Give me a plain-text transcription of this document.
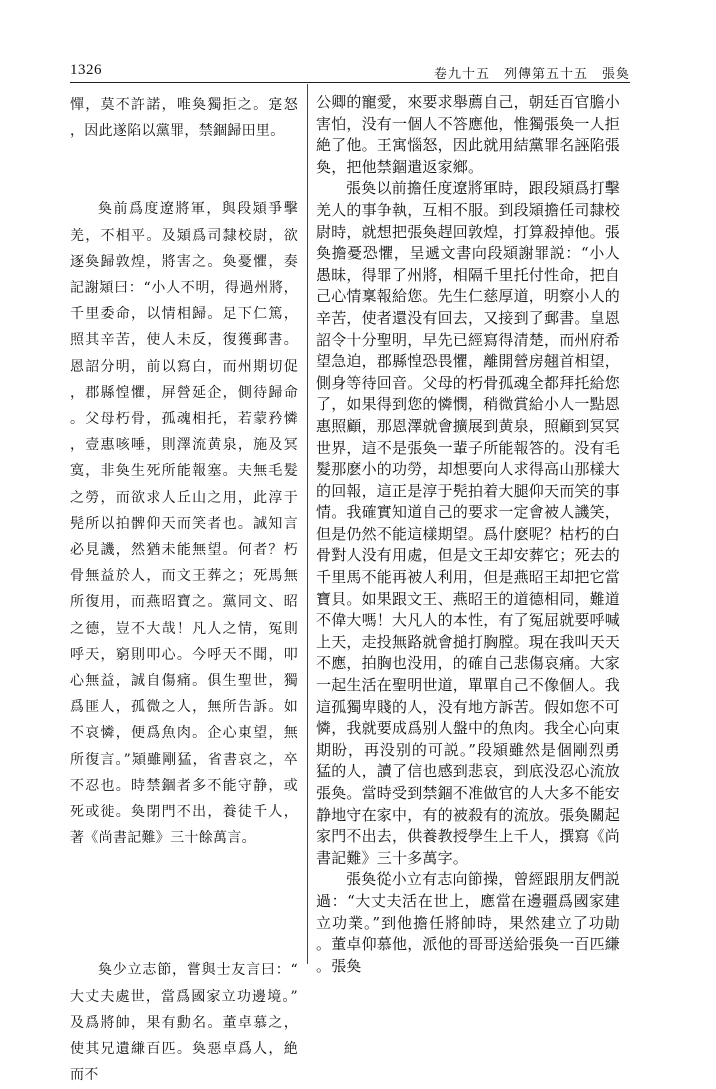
1326	卷九十五　列傳第五十五　張奐

憚，莫不許諾，唯奐獨拒之。寔怒，因此遂陷以黨罪，禁錮歸田里。

奐前爲度遼將軍，與段熲爭擊羌，不相平。及熲爲司隸校尉，欲逐奐歸敦煌，將害之。奐憂懼，奏記謝熲曰：“小人不明，得過州將，千里委命，以情相歸。足下仁篤，照其辛苦，使人未反，復獲郵書。恩詔分明，前以寫白，而州期切促，郡縣惶懼，屏營延企，側待歸命。父母朽骨，孤魂相托，若蒙矜憐，壹惠咳唾，則澤流黄泉，施及冥寞，非奐生死所能報塞。夫無毛髮之勞，而欲求人丘山之用，此淳于髡所以拍髀仰天而笑者也。誠知言必見譏，然猶未能無望。何者？朽骨無益於人，而文王葬之；死馬無所復用，而燕昭寶之。黨同文、昭之德，豈不大哉！凡人之情，冤則呼天，窮則叩心。今呼天不聞，叩心無益，誠自傷痛。俱生聖世，獨爲匪人，孤微之人，無所告訴。如不哀憐，便爲魚肉。企心東望，無所復言。”熲雖剛猛，省書哀之，卒不忍也。時禁錮者多不能守静，或死或徙。奐閉門不出，養徒千人，著《尚書記難》三十餘萬言。

奐少立志節，嘗與士友言曰：“大丈夫處世，當爲國家立功邊境。”及爲將帥，果有勳名。董卓慕之，使其兄遺縑百匹。奐惡卓爲人，絶而不

公卿的寵愛，來要求舉薦自己，朝廷百官膽小害怕，没有一個人不答應他，惟獨張奐一人拒絶了他。王寓惱怒，因此就用結黨罪名誣陷張奐，把他禁錮遣返家鄉。

張奐以前擔任度遼將軍時，跟段熲爲打擊羌人的事争執，互相不服。到段熲擔任司隸校尉時，就想把張奐趕回敦煌，打算殺掉他。張奐擔憂恐懼，呈遞文書向段熲謝罪説：“小人愚昧，得罪了州將，相隔千里托付性命，把自己心情稟報給您。先生仁慈厚道，明察小人的辛苦，使者還没有回去，又接到了郵書。皇恩詔令十分聖明，早先已經寫得清楚，而州府希望急迫，郡縣惶恐畏懼，離開營房翹首相望，側身等待回音。父母的朽骨孤魂全都拜托給您了，如果得到您的憐憫，稍微賞給小人一點恩惠照顧，那恩澤就會擴展到黄泉，照顧到冥冥世界，這不是張奐一輩子所能報答的。没有毛髮那麽小的功勞，却想要向人求得高山那樣大的回報，這正是淳于髡拍着大腿仰天而笑的事情。我確實知道自己的要求一定會被人譏笑，但是仍然不能這樣期望。爲什麽呢？枯朽的白骨對人没有用處，但是文王却安葬它；死去的千里馬不能再被人利用，但是燕昭王却把它當寶貝。如果跟文王、燕昭王的道德相同，難道不偉大嗎！大凡人的本性，有了冤屈就要呼喊上天，走投無路就會搥打胸膛。現在我叫天天不應，拍胸也没用，的確自己悲傷哀痛。大家一起生活在聖明世道，單單自己不像個人。我這孤獨卑賤的人，没有地方訴苦。假如您不可憐，我就要成爲别人盤中的魚肉。我全心向東期盼，再没别的可説。”段熲雖然是個剛烈勇猛的人，讀了信也感到悲哀，到底没忍心流放張奐。當時受到禁錮不准做官的人大多不能安静地守在家中，有的被殺有的流放。張奐關起家門不出去，供養教授學生上千人，撰寫《尚書記難》三十多萬字。

張奐從小立有志向節操，曾經跟朋友們説過：“大丈夫活在世上，應當在邊疆爲國家建立功業。”到他擔任將帥時，果然建立了功勛。董卓仰慕他，派他的哥哥送給張奐一百匹縑。張奐
